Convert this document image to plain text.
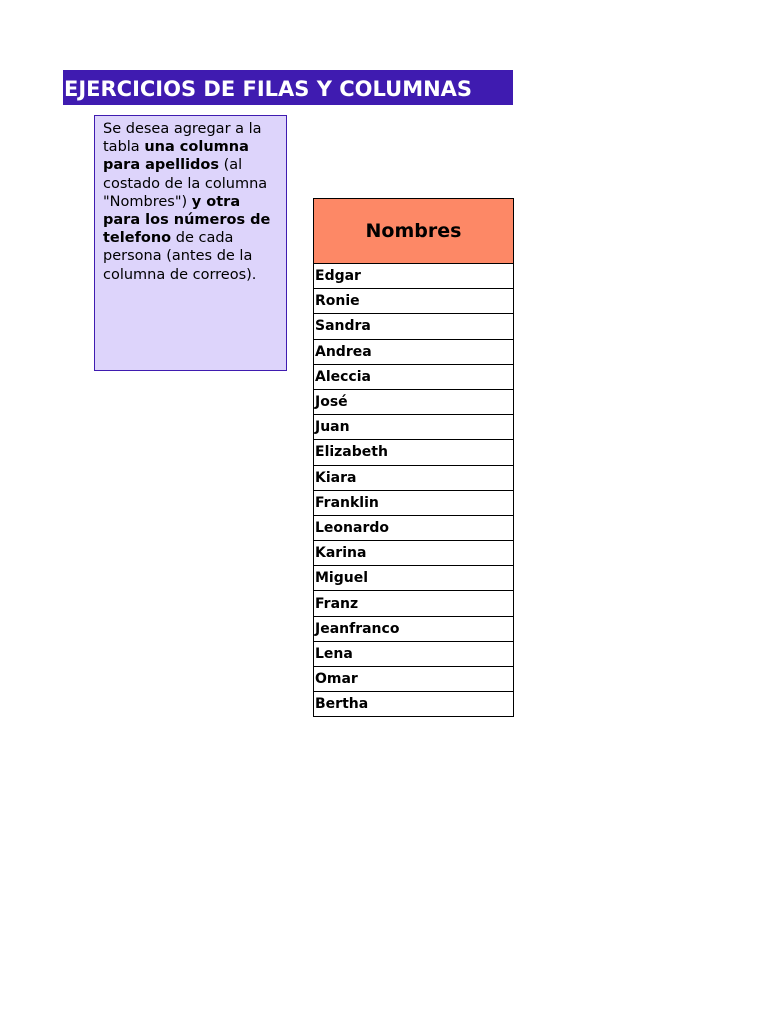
EJERCICIOS DE FILAS Y COLUMNAS
Se desea agregar a la tabla una columna para apellidos (al costado de la columna "Nombres") y otra para los números de telefono de cada persona (antes de la columna de correos).
Nombres
Edgar
Ronie
Sandra
Andrea
Aleccia
José
Juan
Elizabeth
Kiara
Franklin
Leonardo
Karina
Miguel
Franz
Jeanfranco
Lena
Omar
Bertha
